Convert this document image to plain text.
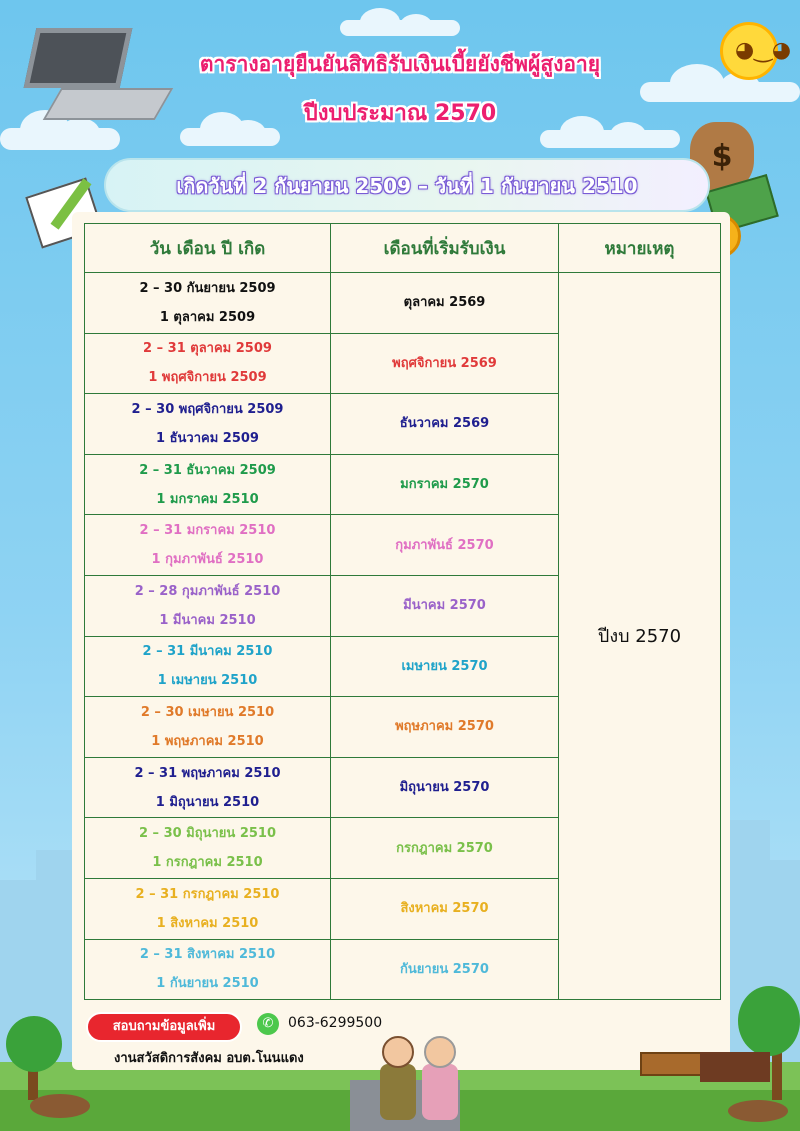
◕‿◕
$
ตารางอายุยืนยันสิทธิรับเงินเบี้ยยังชีพผู้สูงอายุ
ปีงบประมาณ 2570
เกิดวันที่ 2 กันยายน 2509 – วันที่ 1 กันยายน 2510
วัน เดือน ปี เกิด	เดือนที่เริ่มรับเงิน	หมายเหตุ

2 – 30 กันยายน 2509
1 ตุลาคม 2509	ตุลาคม 2569	ปีงบ 2570

2 – 31 ตุลาคม 2509
1 พฤศจิกายน 2509	พฤศจิกายน 2569	

2 – 30 พฤศจิกายน 2509
1 ธันวาคม 2509	ธันวาคม 2569	

2 – 31 ธันวาคม 2509
1 มกราคม 2510	มกราคม 2570	

2 – 31 มกราคม 2510
1 กุมภาพันธ์ 2510	กุมภาพันธ์ 2570	

2 – 28 กุมภาพันธ์ 2510
1 มีนาคม 2510	มีนาคม 2570	

2 – 31 มีนาคม 2510
1 เมษายน 2510	เมษายน 2570	

2 – 30 เมษายน 2510
1 พฤษภาคม 2510	พฤษภาคม 2570	

2 – 31 พฤษภาคม 2510
1 มิถุนายน 2510	มิถุนายน 2570	

2 – 30 มิถุนายน 2510
1 กรกฎาคม 2510	กรกฎาคม 2570	

2 – 31 กรกฎาคม 2510
1 สิงหาคม 2510	สิงหาคม 2570	

2 – 31 สิงหาคม 2510
1 กันยายน 2510	กันยายน 2570	
สอบถามข้อมูลเพิ่ม	✆	063-6299500
งานสวัสดิการสังคม อบต.โนนแดง
